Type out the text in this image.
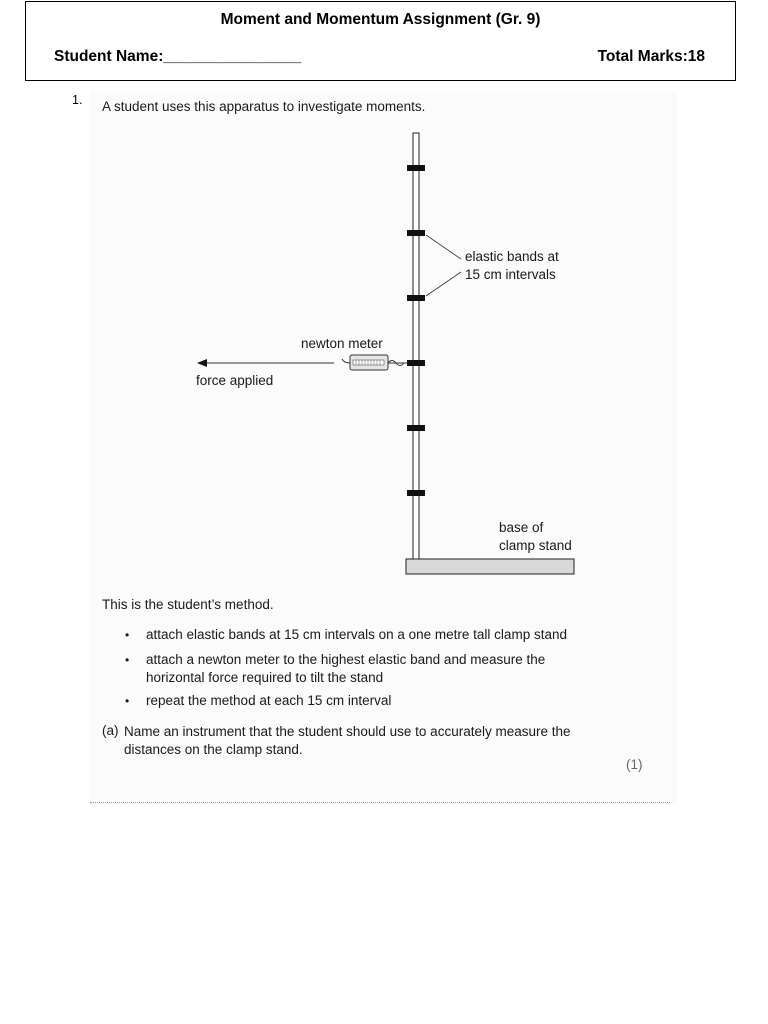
Moment and Momentum Assignment (Gr. 9)
Student Name:________________	Total Marks:18
1. A student uses this apparatus to investigate moments.
elastic bands at
15 cm intervals
newton meter
force applied
base of
clamp stand
This is the student’s method.
• attach elastic bands at 15 cm intervals on a one metre tall clamp stand
• attach a newton meter to the highest elastic band and measure the horizontal force required to tilt the stand
• repeat the method at each 15 cm interval
(a) Name an instrument that the student should use to accurately measure the distances on the clamp stand.
(1)
